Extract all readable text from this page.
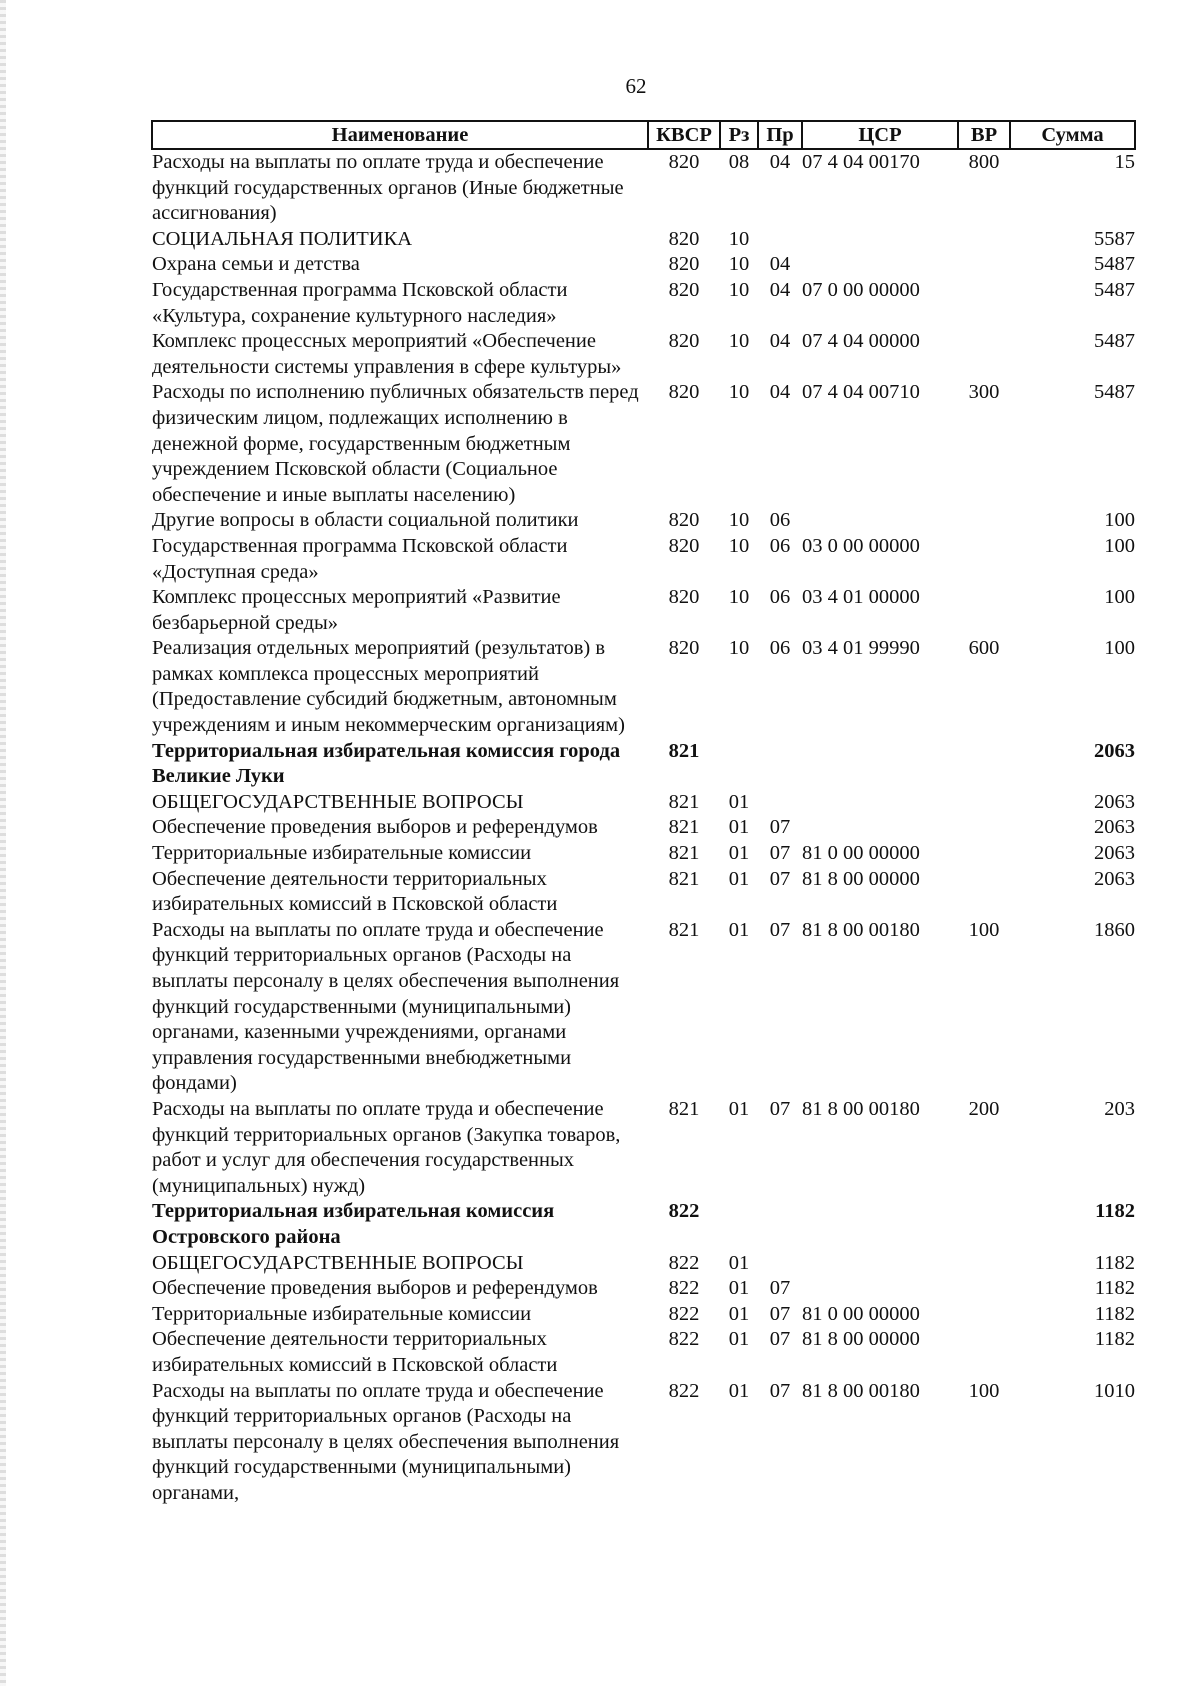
62
Наименование	КВСР	Рз	Пр	ЦСР	ВР	Сумма
Расходы на выплаты по оплате труда и обеспечение функций государственных органов (Иные бюджетные ассигнования)	820	08	04	07 4 04 00170	800	15
СОЦИАЛЬНАЯ ПОЛИТИКА	820	10				5587
Охрана семьи и детства	820	10	04			5487
Государственная программа Псковской области «Культура, сохранение культурного наследия»	820	10	04	07 0 00 00000		5487
Комплекс процессных мероприятий «Обеспечение деятельности системы управления в сфере культуры»	820	10	04	07 4 04 00000		5487
Расходы по исполнению публичных обязательств перед физическим лицом, подлежащих исполнению в денежной форме, государственным бюджетным учреждением Псковской области (Социальное обеспечение и иные выплаты населению)	820	10	04	07 4 04 00710	300	5487
Другие вопросы в области социальной политики	820	10	06			100
Государственная программа Псковской области «Доступная среда»	820	10	06	03 0 00 00000		100
Комплекс процессных мероприятий «Развитие безбарьерной среды»	820	10	06	03 4 01 00000		100
Реализация отдельных мероприятий (результатов) в рамках комплекса процессных мероприятий (Предоставление субсидий бюджетным, автономным учреждениям и иным некоммерческим организациям)	820	10	06	03 4 01 99990	600	100
Территориальная избирательная комиссия города Великие Луки	821					2063
ОБЩЕГОСУДАРСТВЕННЫЕ ВОПРОСЫ	821	01				2063
Обеспечение проведения выборов и референдумов	821	01	07			2063
Территориальные избирательные комиссии	821	01	07	81 0 00 00000		2063
Обеспечение деятельности территориальных избирательных комиссий в Псковской области	821	01	07	81 8 00 00000		2063
Расходы на выплаты по оплате труда и обеспечение функций территориальных органов (Расходы на выплаты персоналу в целях обеспечения выполнения функций государственными (муниципальными) органами, казенными учреждениями, органами управления государственными внебюджетными фондами)	821	01	07	81 8 00 00180	100	1860
Расходы на выплаты по оплате труда и обеспечение функций территориальных органов (Закупка товаров, работ и услуг для обеспечения государственных (муниципальных) нужд)	821	01	07	81 8 00 00180	200	203
Территориальная избирательная комиссия Островского района	822					1182
ОБЩЕГОСУДАРСТВЕННЫЕ ВОПРОСЫ	822	01				1182
Обеспечение проведения выборов и референдумов	822	01	07			1182
Территориальные избирательные комиссии	822	01	07	81 0 00 00000		1182
Обеспечение деятельности территориальных избирательных комиссий в Псковской области	822	01	07	81 8 00 00000		1182
Расходы на выплаты по оплате труда и обеспечение функций территориальных органов (Расходы на выплаты персоналу в целях обеспечения выполнения функций государственными (муниципальными) органами,	822	01	07	81 8 00 00180	100	1010
